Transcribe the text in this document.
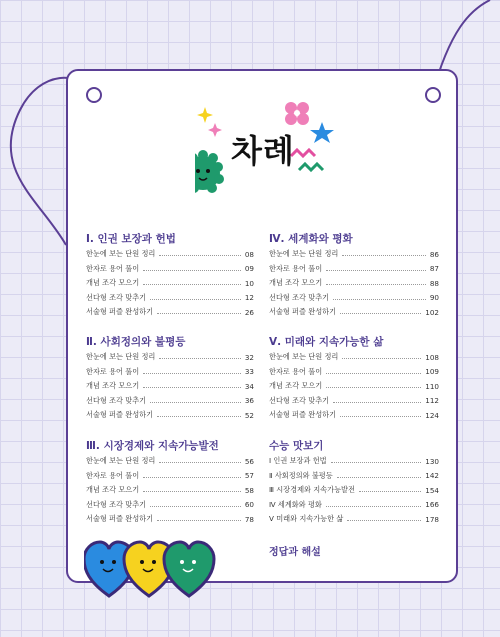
차례
Ⅰ. 인권 보장과 헌법
한눈에 보는 단원 정리	08
한자로 용어 풀이	09
개념 조각 모으기	10
선다형 조각 맞추기	12
서술형 퍼즐 완성하기	26
Ⅱ. 사회정의와 불평등
한눈에 보는 단원 정리	32
한자로 용어 풀이	33
개념 조각 모으기	34
선다형 조각 맞추기	36
서술형 퍼즐 완성하기	52
Ⅲ. 시장경제와 지속가능발전
한눈에 보는 단원 정리	56
한자로 용어 풀이	57
개념 조각 모으기	58
선다형 조각 맞추기	60
서술형 퍼즐 완성하기	78
Ⅳ. 세계화와 평화
한눈에 보는 단원 정리	86
한자로 용어 풀이	87
개념 조각 모으기	88
선다형 조각 맞추기	90
서술형 퍼즐 완성하기	102
Ⅴ. 미래와 지속가능한 삶
한눈에 보는 단원 정리	108
한자로 용어 풀이	109
개념 조각 모으기	110
선다형 조각 맞추기	112
서술형 퍼즐 완성하기	124
수능 맛보기
Ⅰ 인권 보장과 헌법	130
Ⅱ 사회정의와 불평등	142
Ⅲ 시장경제와 지속가능발전	154
Ⅳ 세계화와 평화	166
Ⅴ 미래와 지속가능한 삶	178
정답과 해설
